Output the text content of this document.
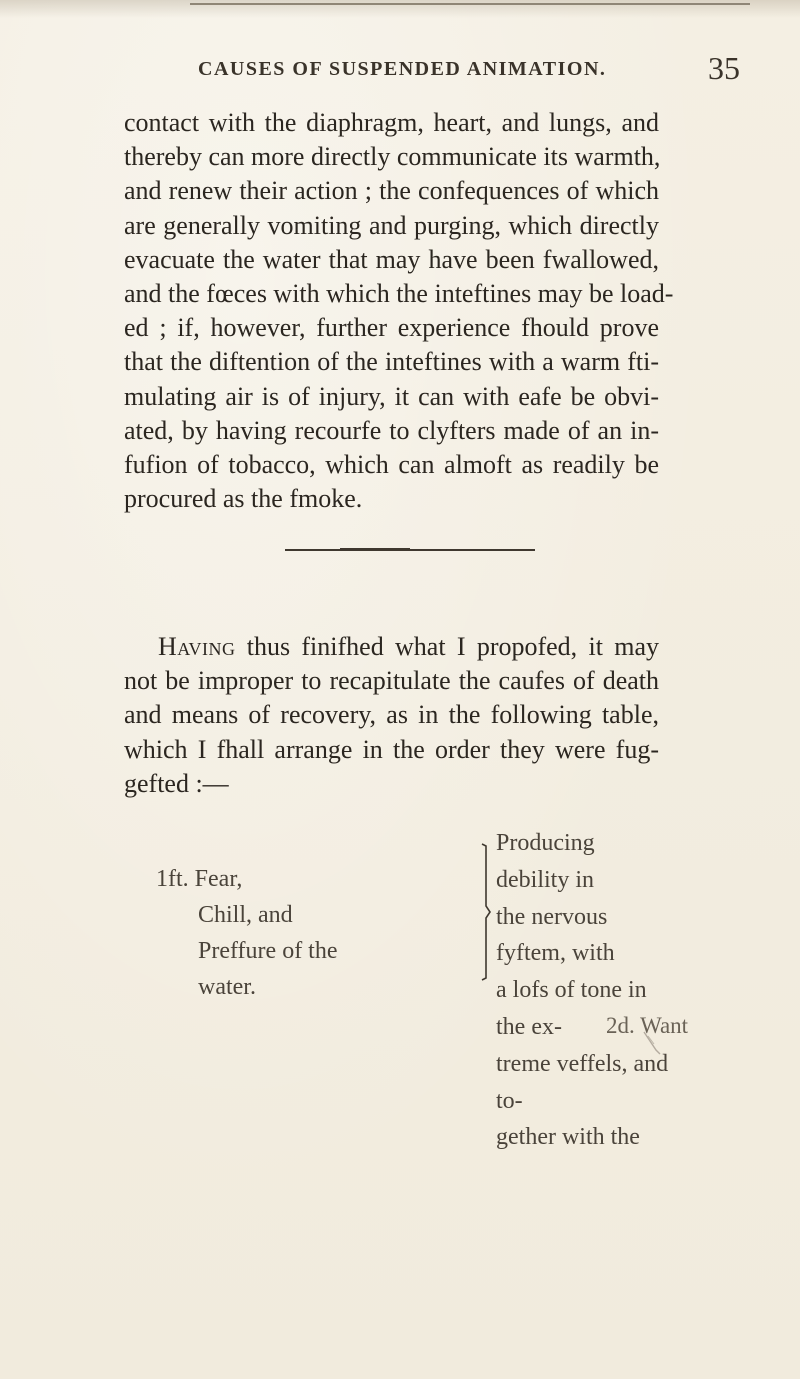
CAUSES OF SUSPENDED ANIMATION.	35

contact with the diaphragm, heart, and lungs, and
thereby can more directly communicate its warmth,
and renew their action ; the confequences of which
are generally vomiting and purging, which directly
evacuate the water that may have been fwallowed,
and the fœces with which the inteftines may be load-
ed ; if, however, further experience fhould prove
that the diftention of the inteftines with a warm fti-
mulating air is of injury, it can with eafe be obvi-
ated, by having recourfe to clyfters made of an in-
fufion of tobacco, which can almoft as readily be
procured as the fmoke.

Having thus finifhed what I propofed, it may
not be improper to recapitulate the caufes of death
and means of recovery, as in the following table,
which I fhall arrange in the order they were fug-
gefted :—

1ft. Fear,
Chill, and
Preffure of the
water.
Producing debility in
the nervous fyftem, with
a lofs of tone in the ex-
treme veffels, and to-
gether with the
2d. Want
